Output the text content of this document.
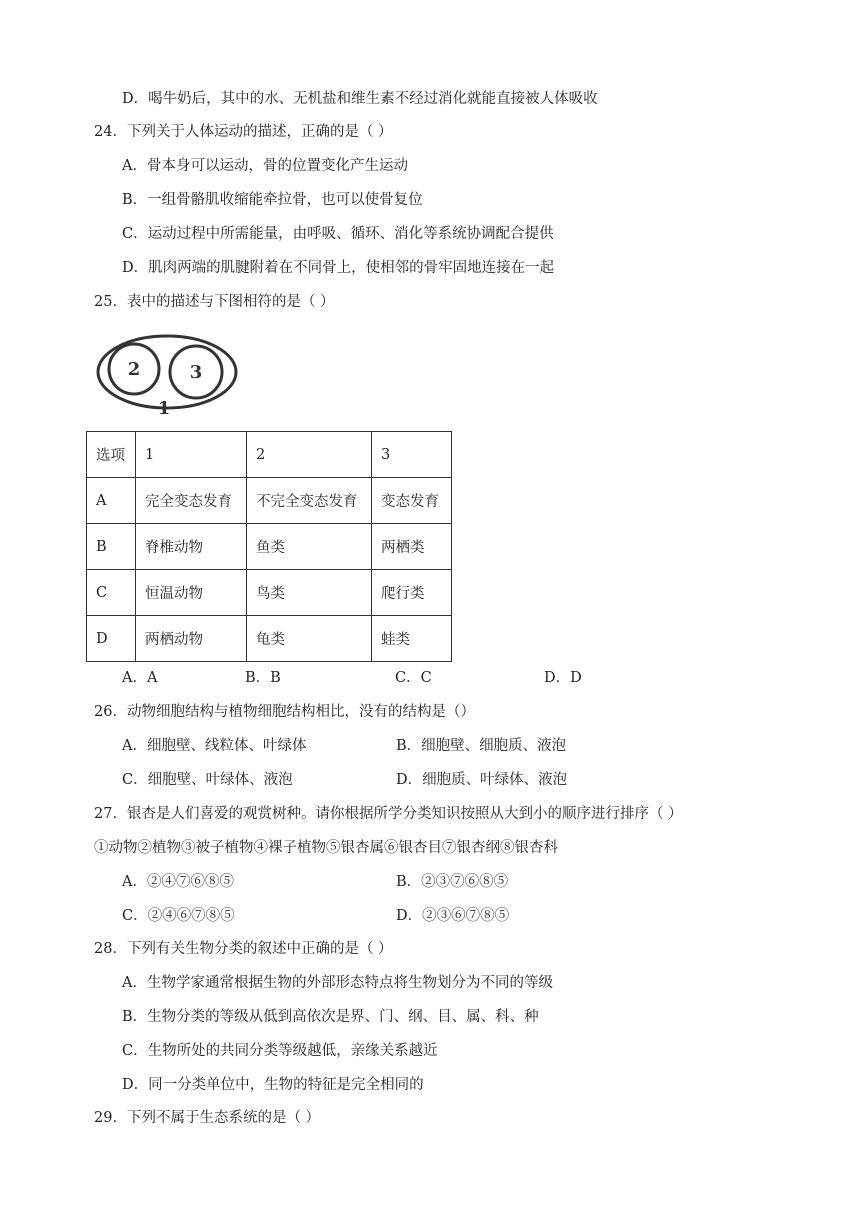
D．喝牛奶后，其中的水、无机盐和维生素不经过消化就能直接被人体吸收
24．下列关于人体运动的描述，正确的是（ ）
A．骨本身可以运动，骨的位置变化产生运动
B．一组骨骼肌收缩能牵拉骨，也可以使骨复位
C．运动过程中所需能量，由呼吸、循环、消化等系统协调配合提供
D．肌肉两端的肌腱附着在不同骨上，使相邻的骨牢固地连接在一起
25．表中的描述与下图相符的是（ ）
2	3
1
选项	1	2	3
A	完全变态发育	不完全变态发育	变态发育
B	脊椎动物	鱼类	两栖类
C	恒温动物	鸟类	爬行类
D	两栖动物	龟类	蛙类
A．A	B．B	C．C	D．D
26．动物细胞结构与植物细胞结构相比，没有的结构是（）
A．细胞壁、线粒体、叶绿体	B．细胞壁、细胞质、液泡
C．细胞壁、叶绿体、液泡	D．细胞质、叶绿体、液泡
27．银杏是人们喜爱的观赏树种。请你根据所学分类知识按照从大到小的顺序进行排序（ ）
①动物②植物③被子植物④裸子植物⑤银杏属⑥银杏目⑦银杏纲⑧银杏科
A．②④⑦⑥⑧⑤	B．②③⑦⑥⑧⑤
C．②④⑥⑦⑧⑤	D．②③⑥⑦⑧⑤
28．下列有关生物分类的叙述中正确的是（ ）
A．生物学家通常根据生物的外部形态特点将生物划分为不同的等级
B．生物分类的等级从低到高依次是界、门、纲、目、属、科、种
C．生物所处的共同分类等级越低，亲缘关系越近
D．同一分类单位中，生物的特征是完全相同的
29．下列不属于生态系统的是（ ）
